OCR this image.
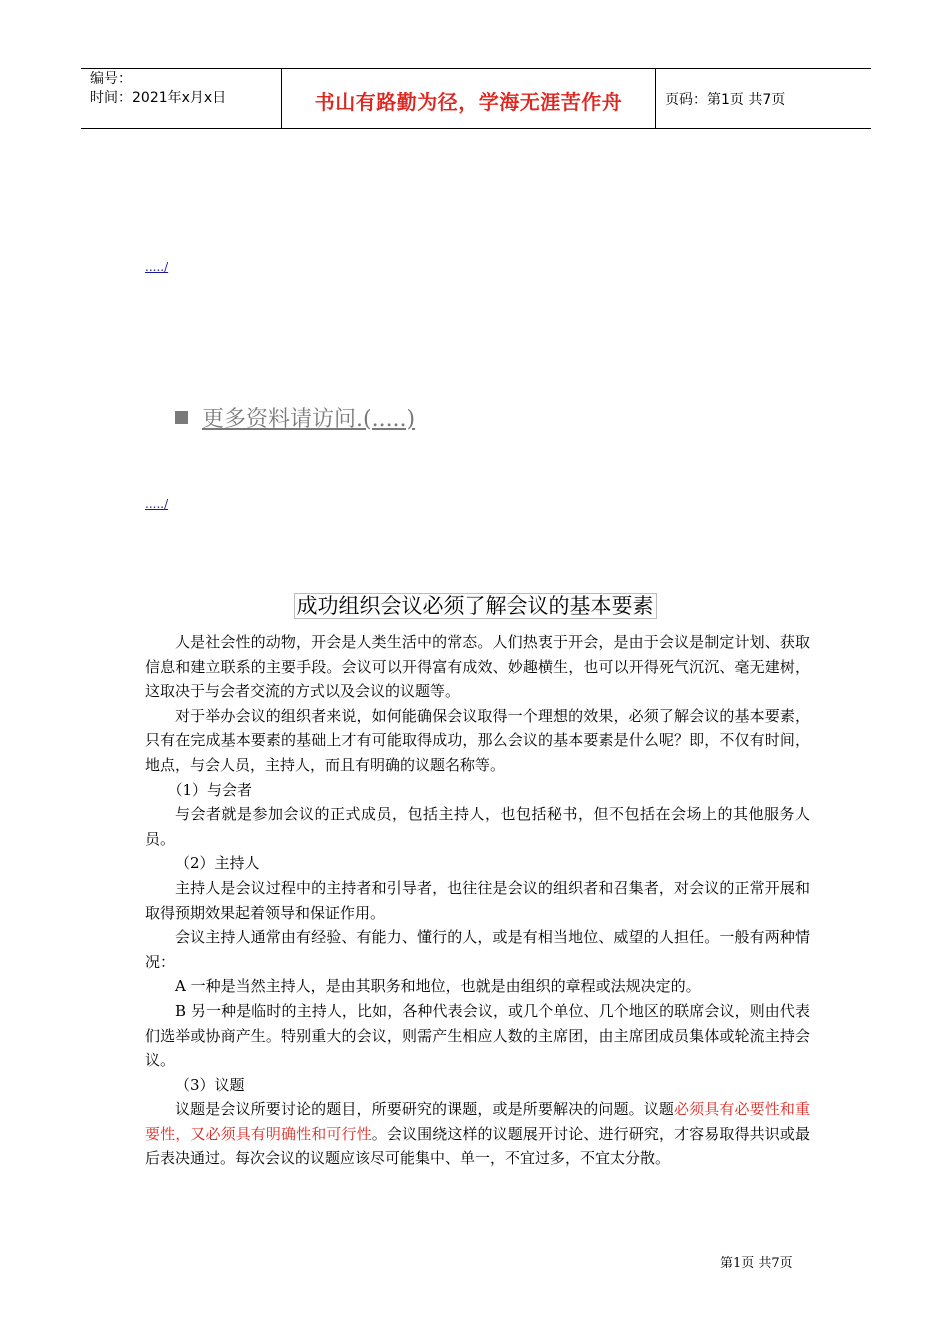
编号：
时间：2021年x月x日	书山有路勤为径，学海无涯苦作舟	页码：第1页 共7页
...../
更多资料请访问.(.....)
...../
成功组织会议必须了解会议的基本要素

人是社会性的动物，开会是人类生活中的常态。人们热衷于开会，是由于会议是制定计划、获取信息和建立联系的主要手段。会议可以开得富有成效、妙趣横生，也可以开得死气沉沉、毫无建树，这取决于与会者交流的方式以及会议的议题等。

对于举办会议的组织者来说，如何能确保会议取得一个理想的效果，必须了解会议的基本要素，只有在完成基本要素的基础上才有可能取得成功，那么会议的基本要素是什么呢？即，不仅有时间，地点，与会人员，主持人，而且有明确的议题名称等。

（1）与会者

与会者就是参加会议的正式成员，包括主持人，也包括秘书，但不包括在会场上的其他服务人员。

（2）主持人

主持人是会议过程中的主持者和引导者，也往往是会议的组织者和召集者，对会议的正常开展和取得预期效果起着领导和保证作用。

会议主持人通常由有经验、有能力、懂行的人，或是有相当地位、威望的人担任。一般有两种情况：

A 一种是当然主持人，是由其职务和地位，也就是由组织的章程或法规决定的。

B 另一种是临时的主持人，比如，各种代表会议，或几个单位、几个地区的联席会议，则由代表们选举或协商产生。特别重大的会议，则需产生相应人数的主席团，由主席团成员集体或轮流主持会议。

（3）议题

议题是会议所要讨论的题目，所要研究的课题，或是所要解决的问题。议题必须具有必要性和重要性，又必须具有明确性和可行性。会议围绕这样的议题展开讨论、进行研究，才容易取得共识或最后表决通过。每次会议的议题应该尽可能集中、单一，不宜过多，不宜太分散。

第1页 共7页
